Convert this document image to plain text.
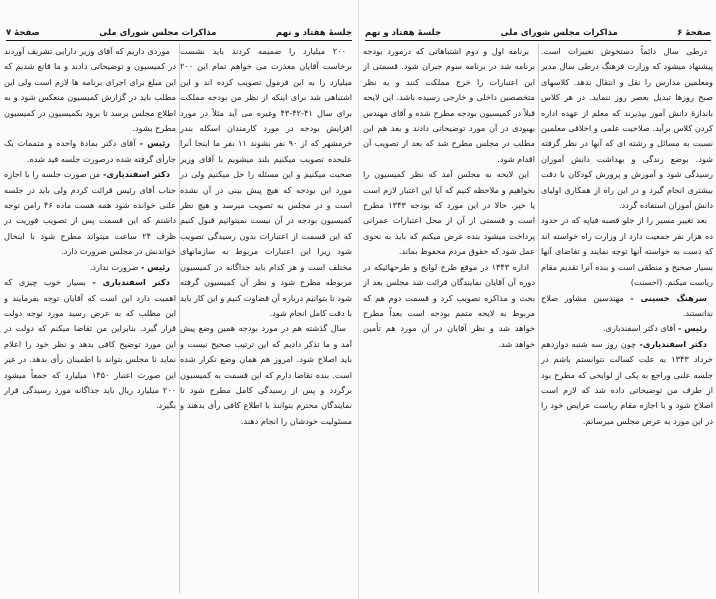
صفحهٔ ۷	مذاکرات مجلس شورای ملی	جلسهٔ هفتاد و نهم

۲۰۰ میلیارد را ضمیمه کردند باید نشست برخاست آقایان معذرت می خواهم تمام این ۲۰۰ میلیارد را به این فرمول تصویب کرده اند و این اشتباهی شد برای اینکه از نظر من بودجه مملکت برای سال ۴۱-۴۲-۴۳ وغیره می آید مثلاً در مورد افزایش بودجه در مورد کارمندان اسکله بندر خرمشهر که از ۹۰ نفر بشوند ۱۱ نفر ما اینجا آنرا علیحده تصویب میکنیم بلند میشویم با آقای وزیر صحبت میکنیم و این مسئله را حل میکنیم ولی در مورد این بودجه که هیچ پیش بینی در آن نشده است و در مجلس به تصویب میرسد و هیچ نظر کمیسیون بودجه در آن نیست نمیتوانیم قبول کنیم که این قسمت از اعتبارات بدون رسیدگی تصویب شود زیرا این اعتبارات مربوط به سازمانهای مختلف است و هر کدام باید جداگانه در کمیسیون مربوطه مطرح شود و نظر آن کمیسیون گرفته شود تا بتوانیم درباره آن قضاوت کنیم و این کار باید با دقت کامل انجام شود.

سال گذشته هم در مورد بودجه همین وضع پیش آمد و ما تذکر دادیم که این ترتیب صحیح نیست و باید اصلاح شود. امروز هم همان وضع تکرار شده است. بنده تقاضا دارم که این قسمت به کمیسیون برگردد و پس از رسیدگی کامل مطرح شود تا نمایندگان محترم بتوانند با اطلاع کافی رأی بدهند و مسئولیت خودشان را انجام دهند.

موردی داریم که آقای وزیر دارایی تشریف آوردند در کمیسیون و توضیحاتی دادند و ما قانع شدیم که این مبلغ برای اجرای برنامه ها لازم است ولی این مطلب باید در گزارش کمیسیون منعکس شود و به اطلاع مجلس برسد تا برود بکمیسیون در کمیسیون مطرح بشود.

رئیس - آقای دکتر بمادهٔ واحده و متممات یک جارأی گرفته شده درصورت جلسه قید شده.

دکتر اسفندیاری- من صورت جلسه را با اجازه جناب آقای رئیس قرائت کردم ولی باید در جلسه علنی خوانده شود همه هست ماده ۴۶ رامن توجه داشتم که این قسمت پس از تصویب فوریت در ظرف ۲۴ ساعت میتواند مطرح شود با اینحال خواندنش در مجلس ضرورت دارد.

رئیس - ضرورت ندارد.

دکتر اسفندیاری - بسیار خوب چیزی که اهمیت دارد این است که آقایان توجه بفرمایند و این مطلب که به عرض رسید مورد توجه دولت قرار گیرد. بنابراین من تقاضا میکنم که دولت در این مورد توضیح کافی بدهد و نظر خود را اعلام نماید تا مجلس بتواند با اطمینان رأی بدهد. در غیر این صورت اعتبار ۱۴۵۰ میلیارد که جمعاً میشود ۲۰۰ میلیارد ریال باید جداگانه مورد رسیدگی قرار بگیرد.

جلسهٔ هفتاد و نهم	مذاکرات مجلس شورای ملی	صفحهٔ ۶

درطی سال دائماً دستخوش تغییرات است. پیشنهاد میشود که وزارت فرهنگ درطی سال مدیر ومعلمین مدارس را نقل و انتقال ندهد. کلاسهای صبح روزها تبدیل بعصر روز ننماید. در هر کلاس باندازهٔ دانش آموز بپذیرند که معلم از عهده اداره کردن کلاس برآید. صلاحیت علمی و اخلاقی معلمین نسبت به مسائل و رشته ای که آنها در نظر گرفته شود. بوضع زندگی و بهداشت دانش آموزان رسیدگی شود و آموزش و پرورش کودکان با دقت بیشتری انجام گیرد و در این راه از همکاری اولیای دانش آموزان استفاده گردد.

بعد تغییر مسیر را از جلو قصبه فیاپه که در حدود ده هزار نفر جمعیت دارد از وزارت راه خواسته اند که دست به خواسته آنها توجه نمایند و تقاضای آنها بسیار صحیح و منطقی است و بنده آنرا تقدیم مقام ریاست میکنم. (احسنت)

سرهنگ حسینی - مهندسین مشاور صلاح ندانستند.

رئیس - آقای دکتر اسفندیاری.

دکتر اسفندیاری- چون روز سه شنبه دوازدهم خرداد ۱۳۴۳ به علت کسالت نتوانستم باشم در جلسه علنی وراجع به یکی از لوایحی که مطرح بود از طرف من توضیحاتی داده شد که لازم است اصلاح شود و با اجازه مقام ریاست عرایض خود را در این مورد به عرض مجلس میرسانم.

برنامه اول و دوم اشتباهاتی که درمورد بودجه برنامه شد در برنامه سوم جبران شود. قسمتی از این اعتبارات را خرج مملکت کنند و به نظر متخصصین داخلی و خارجی رسیده باشد. این لایحه قبلاً در کمیسیون بودجه مطرح شده و آقای مهندس بهبودی در آن مورد توضیحاتی دادند و بعد هم این مطلب در مجلس مطرح شد که بعد از تصویب آن اقدام شود.

این لایحه به مجلس آمد که نظر کمیسیون را بخواهیم و ملاحظه کنیم که آیا این اعتبار لازم است یا خیر. حالا در این مورد که بودجه ۱۳۴۳ مطرح است و قسمتی از آن از محل اعتبارات عمرانی پرداخت میشود بنده عرض میکنم که باید به نحوی عمل شود که حقوق مردم محفوظ بماند.

اداره ۱۳۴۳ در موقع طرح لوایح و طرحهائیکه در دوره آن آقایان نمایندگان قرائت شد مجلس بعد از بحث و مذاکره تصویب کرد و قسمت دوم هم که مربوط به لایحه متمم بودجه است بعداً مطرح خواهد شد و نظر آقایان در آن مورد هم تأمین خواهد شد.
